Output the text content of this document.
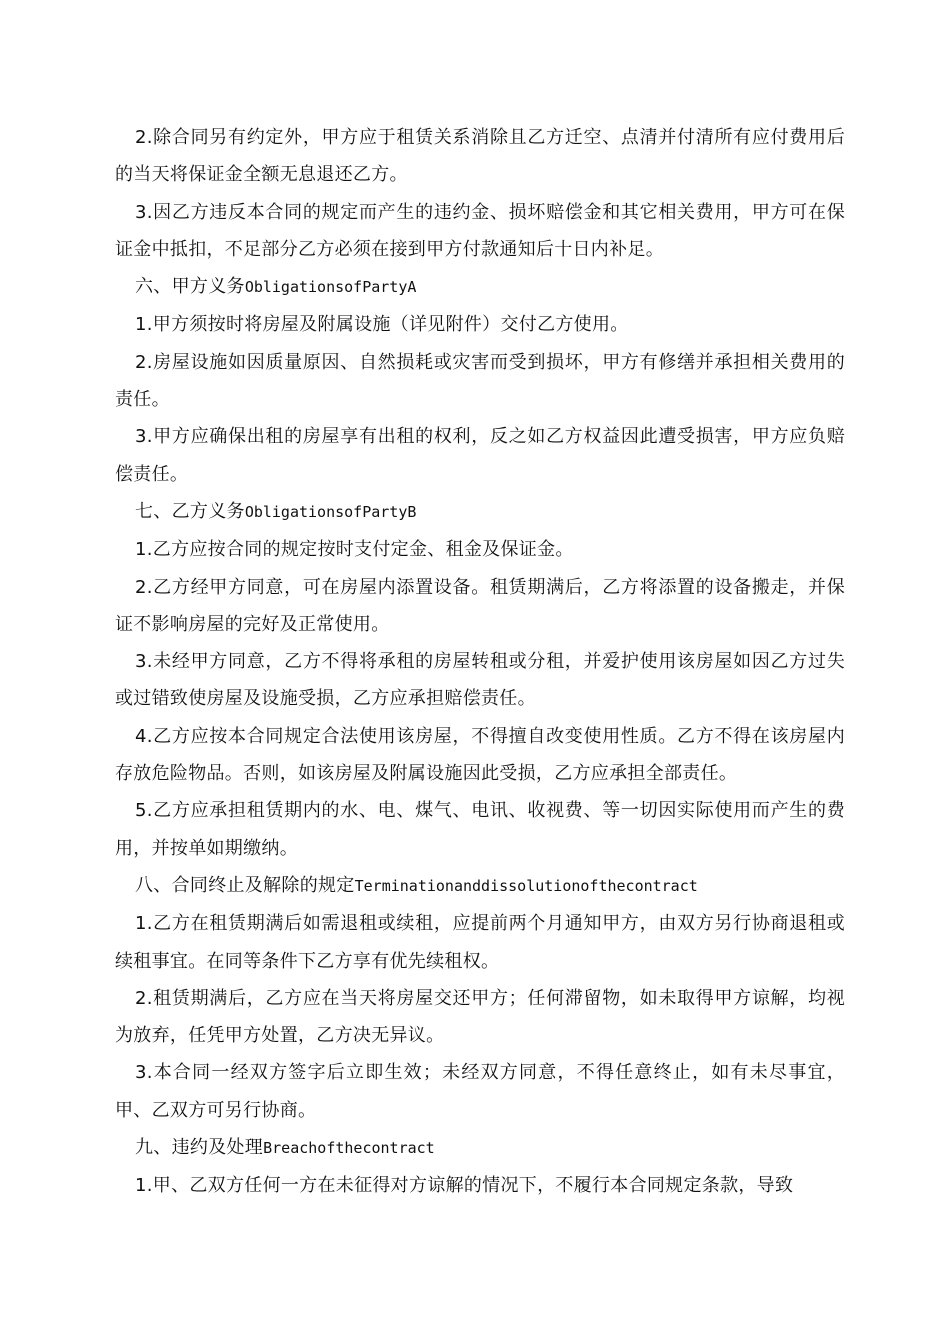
2.除合同另有约定外，甲方应于租赁关系消除且乙方迁空、点清并付清所有应付费用后的当天将保证金全额无息退还乙方。

3.因乙方违反本合同的规定而产生的违约金、损坏赔偿金和其它相关费用，甲方可在保证金中抵扣，不足部分乙方必须在接到甲方付款通知后十日内补足。

六、甲方义务ObligationsofPartyA

1.甲方须按时将房屋及附属设施（详见附件）交付乙方使用。

2.房屋设施如因质量原因、自然损耗或灾害而受到损坏，甲方有修缮并承担相关费用的责任。

3.甲方应确保出租的房屋享有出租的权利，反之如乙方权益因此遭受损害，甲方应负赔偿责任。

七、乙方义务ObligationsofPartyB

1.乙方应按合同的规定按时支付定金、租金及保证金。

2.乙方经甲方同意，可在房屋内添置设备。租赁期满后，乙方将添置的设备搬走，并保证不影响房屋的完好及正常使用。

3.未经甲方同意，乙方不得将承租的房屋转租或分租，并爱护使用该房屋如因乙方过失或过错致使房屋及设施受损，乙方应承担赔偿责任。

4.乙方应按本合同规定合法使用该房屋，不得擅自改变使用性质。乙方不得在该房屋内存放危险物品。否则，如该房屋及附属设施因此受损，乙方应承担全部责任。

5.乙方应承担租赁期内的水、电、煤气、电讯、收视费、等一切因实际使用而产生的费用，并按单如期缴纳。

八、合同终止及解除的规定Terminationanddissolutionofthecontract

1.乙方在租赁期满后如需退租或续租，应提前两个月通知甲方，由双方另行协商退租或续租事宜。在同等条件下乙方享有优先续租权。

2.租赁期满后，乙方应在当天将房屋交还甲方；任何滞留物，如未取得甲方谅解，均视为放弃，任凭甲方处置，乙方决无异议。

3.本合同一经双方签字后立即生效；未经双方同意，不得任意终止，如有未尽事宜，甲、乙双方可另行协商。

九、违约及处理Breachofthecontract

1.甲、乙双方任何一方在未征得对方谅解的情况下，不履行本合同规定条款，导致
